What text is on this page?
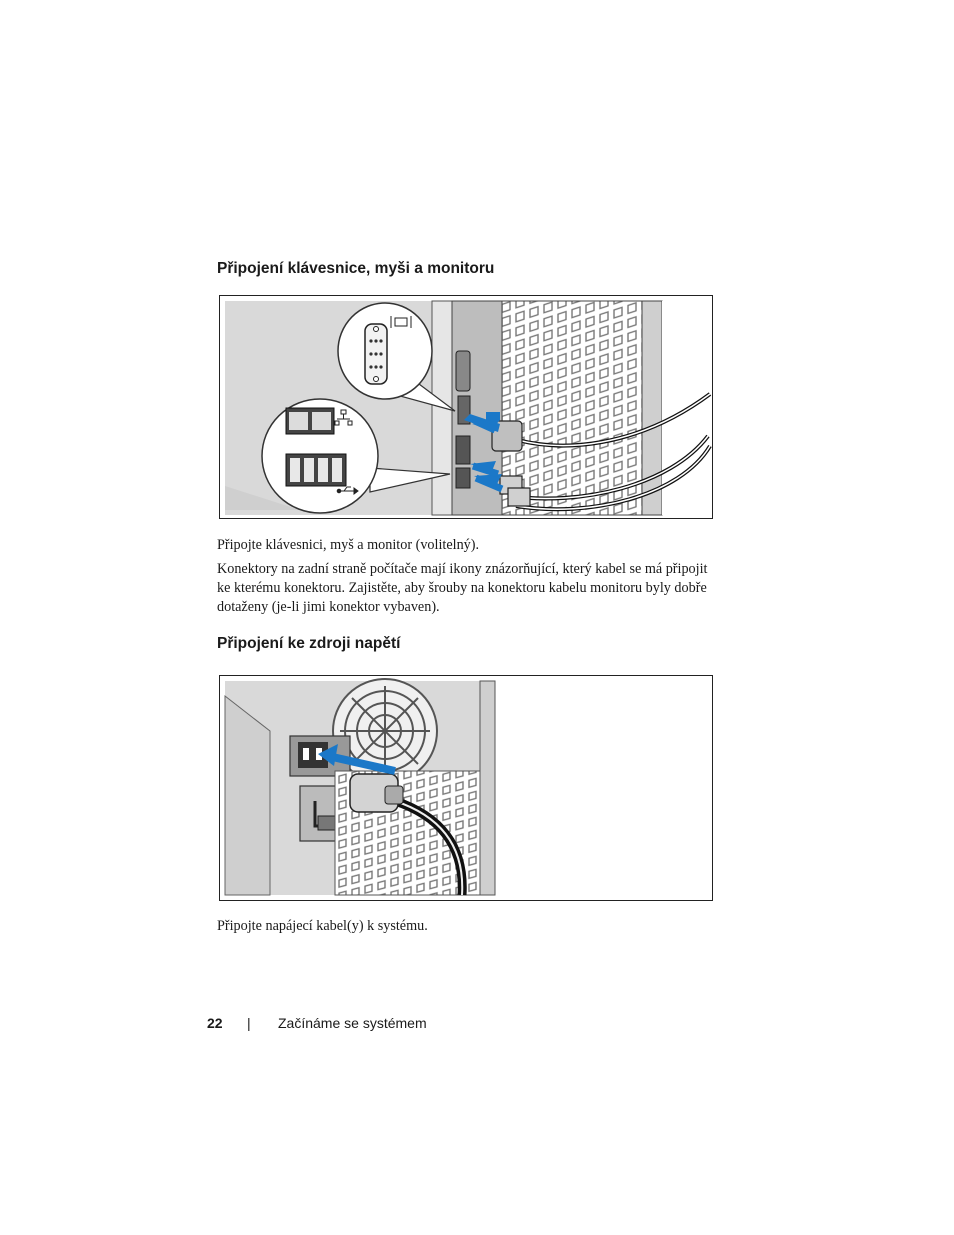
Připojení klávesnice, myši a monitoru

Připojte klávesnici, myš a monitor (volitelný).

Konektory na zadní straně počítače mají ikony znázorňující, který kabel se má připojit ke kterému konektoru. Zajistěte, aby šrouby na konektoru kabelu monitoru byly dobře dotaženy (je-li jimi konektor vybaven).

Připojení ke zdroji napětí

Připojte napájecí kabel(y) k systému.

22 | Začínáme se systémem
